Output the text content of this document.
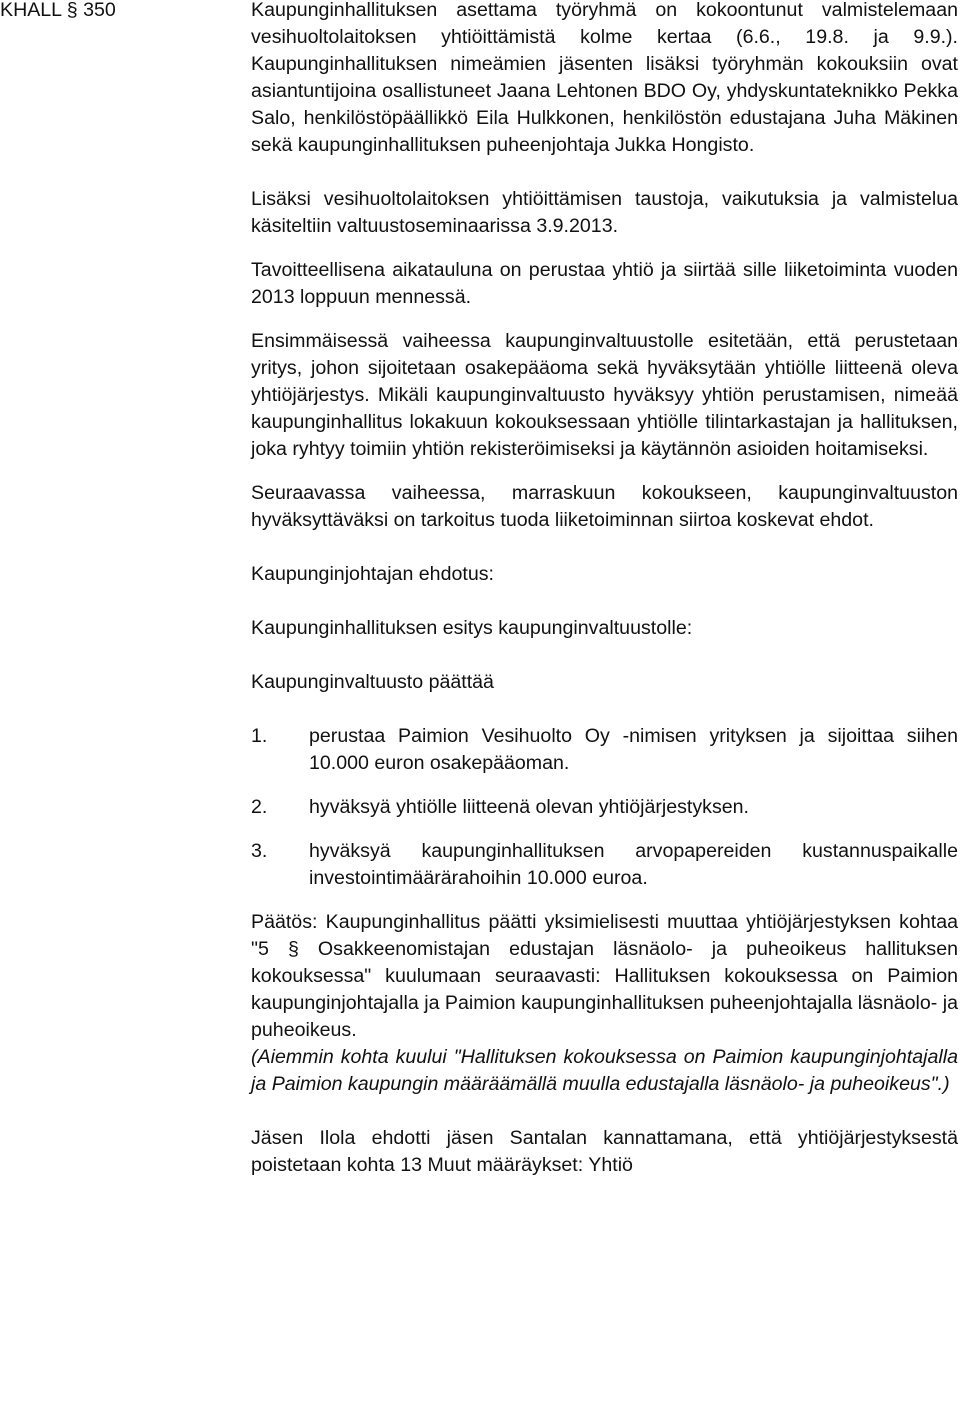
KHALL § 350	Kaupunginhallituksen asettama työryhmä on kokoontunut valmistelemaan vesihuoltolaitoksen yhtiöittämistä kolme kertaa (6.6., 19.8. ja 9.9.). Kaupunginhallituksen nimeämien jäsenten lisäksi työryhmän kokouksiin ovat asiantuntijoina osallistuneet Jaana Lehtonen BDO Oy, yhdyskuntateknikko Pekka Salo, henkilöstöpäällikkö Eila Hulkkonen, henkilöstön edustajana Juha Mäkinen sekä kaupunginhallituksen puheenjohtaja Jukka Hongisto.

Lisäksi vesihuoltolaitoksen yhtiöittämisen taustoja, vaikutuksia ja valmistelua käsiteltiin valtuustoseminaarissa 3.9.2013.

Tavoitteellisena aikatauluna on perustaa yhtiö ja siirtää sille liiketoiminta vuoden 2013 loppuun mennessä.

Ensimmäisessä vaiheessa kaupunginvaltuustolle esitetään, että perustetaan yritys, johon sijoitetaan osakepääoma sekä hyväksytään yhtiölle liitteenä oleva yhtiöjärjestys. Mikäli kaupunginvaltuusto hyväksyy yhtiön perustamisen, nimeää kaupunginhallitus lokakuun kokouksessaan yhtiölle tilintarkastajan ja hallituksen, joka ryhtyy toimiin yhtiön rekisteröimiseksi ja käytännön asioiden hoitamiseksi.

Seuraavassa vaiheessa, marraskuun kokoukseen, kaupunginvaltuuston hyväksyttäväksi on tarkoitus tuoda liiketoiminnan siirtoa koskevat ehdot.

Kaupunginjohtajan ehdotus:

Kaupunginhallituksen esitys kaupunginvaltuustolle:

Kaupunginvaltuusto päättää

1. perustaa Paimion Vesihuolto Oy -nimisen yrityksen ja sijoittaa siihen 10.000 euron osakepääoman.
2. hyväksyä yhtiölle liitteenä olevan yhtiöjärjestyksen.
3. hyväksyä kaupunginhallituksen arvopapereiden kustannuspaikalle investointimäärärahoihin 10.000 euroa.

Päätös: Kaupunginhallitus päätti yksimielisesti muuttaa yhtiöjärjestyksen kohtaa "5 § Osakkeenomistajan edustajan läsnäolo- ja puheoikeus hallituksen kokouksessa" kuulumaan seuraavasti: Hallituksen kokouksessa on Paimion kaupunginjohtajalla ja Paimion kaupunginhallituksen puheenjohtajalla läsnäolo- ja puheoikeus.

(Aiemmin kohta kuului "Hallituksen kokouksessa on Paimion kaupunginjohtajalla ja Paimion kaupungin määräämällä muulla edustajalla läsnäolo- ja puheoikeus".)

Jäsen Ilola ehdotti jäsen Santalan kannattamana, että yhtiöjärjestyksestä poistetaan kohta 13 Muut määräykset: Yhtiö
